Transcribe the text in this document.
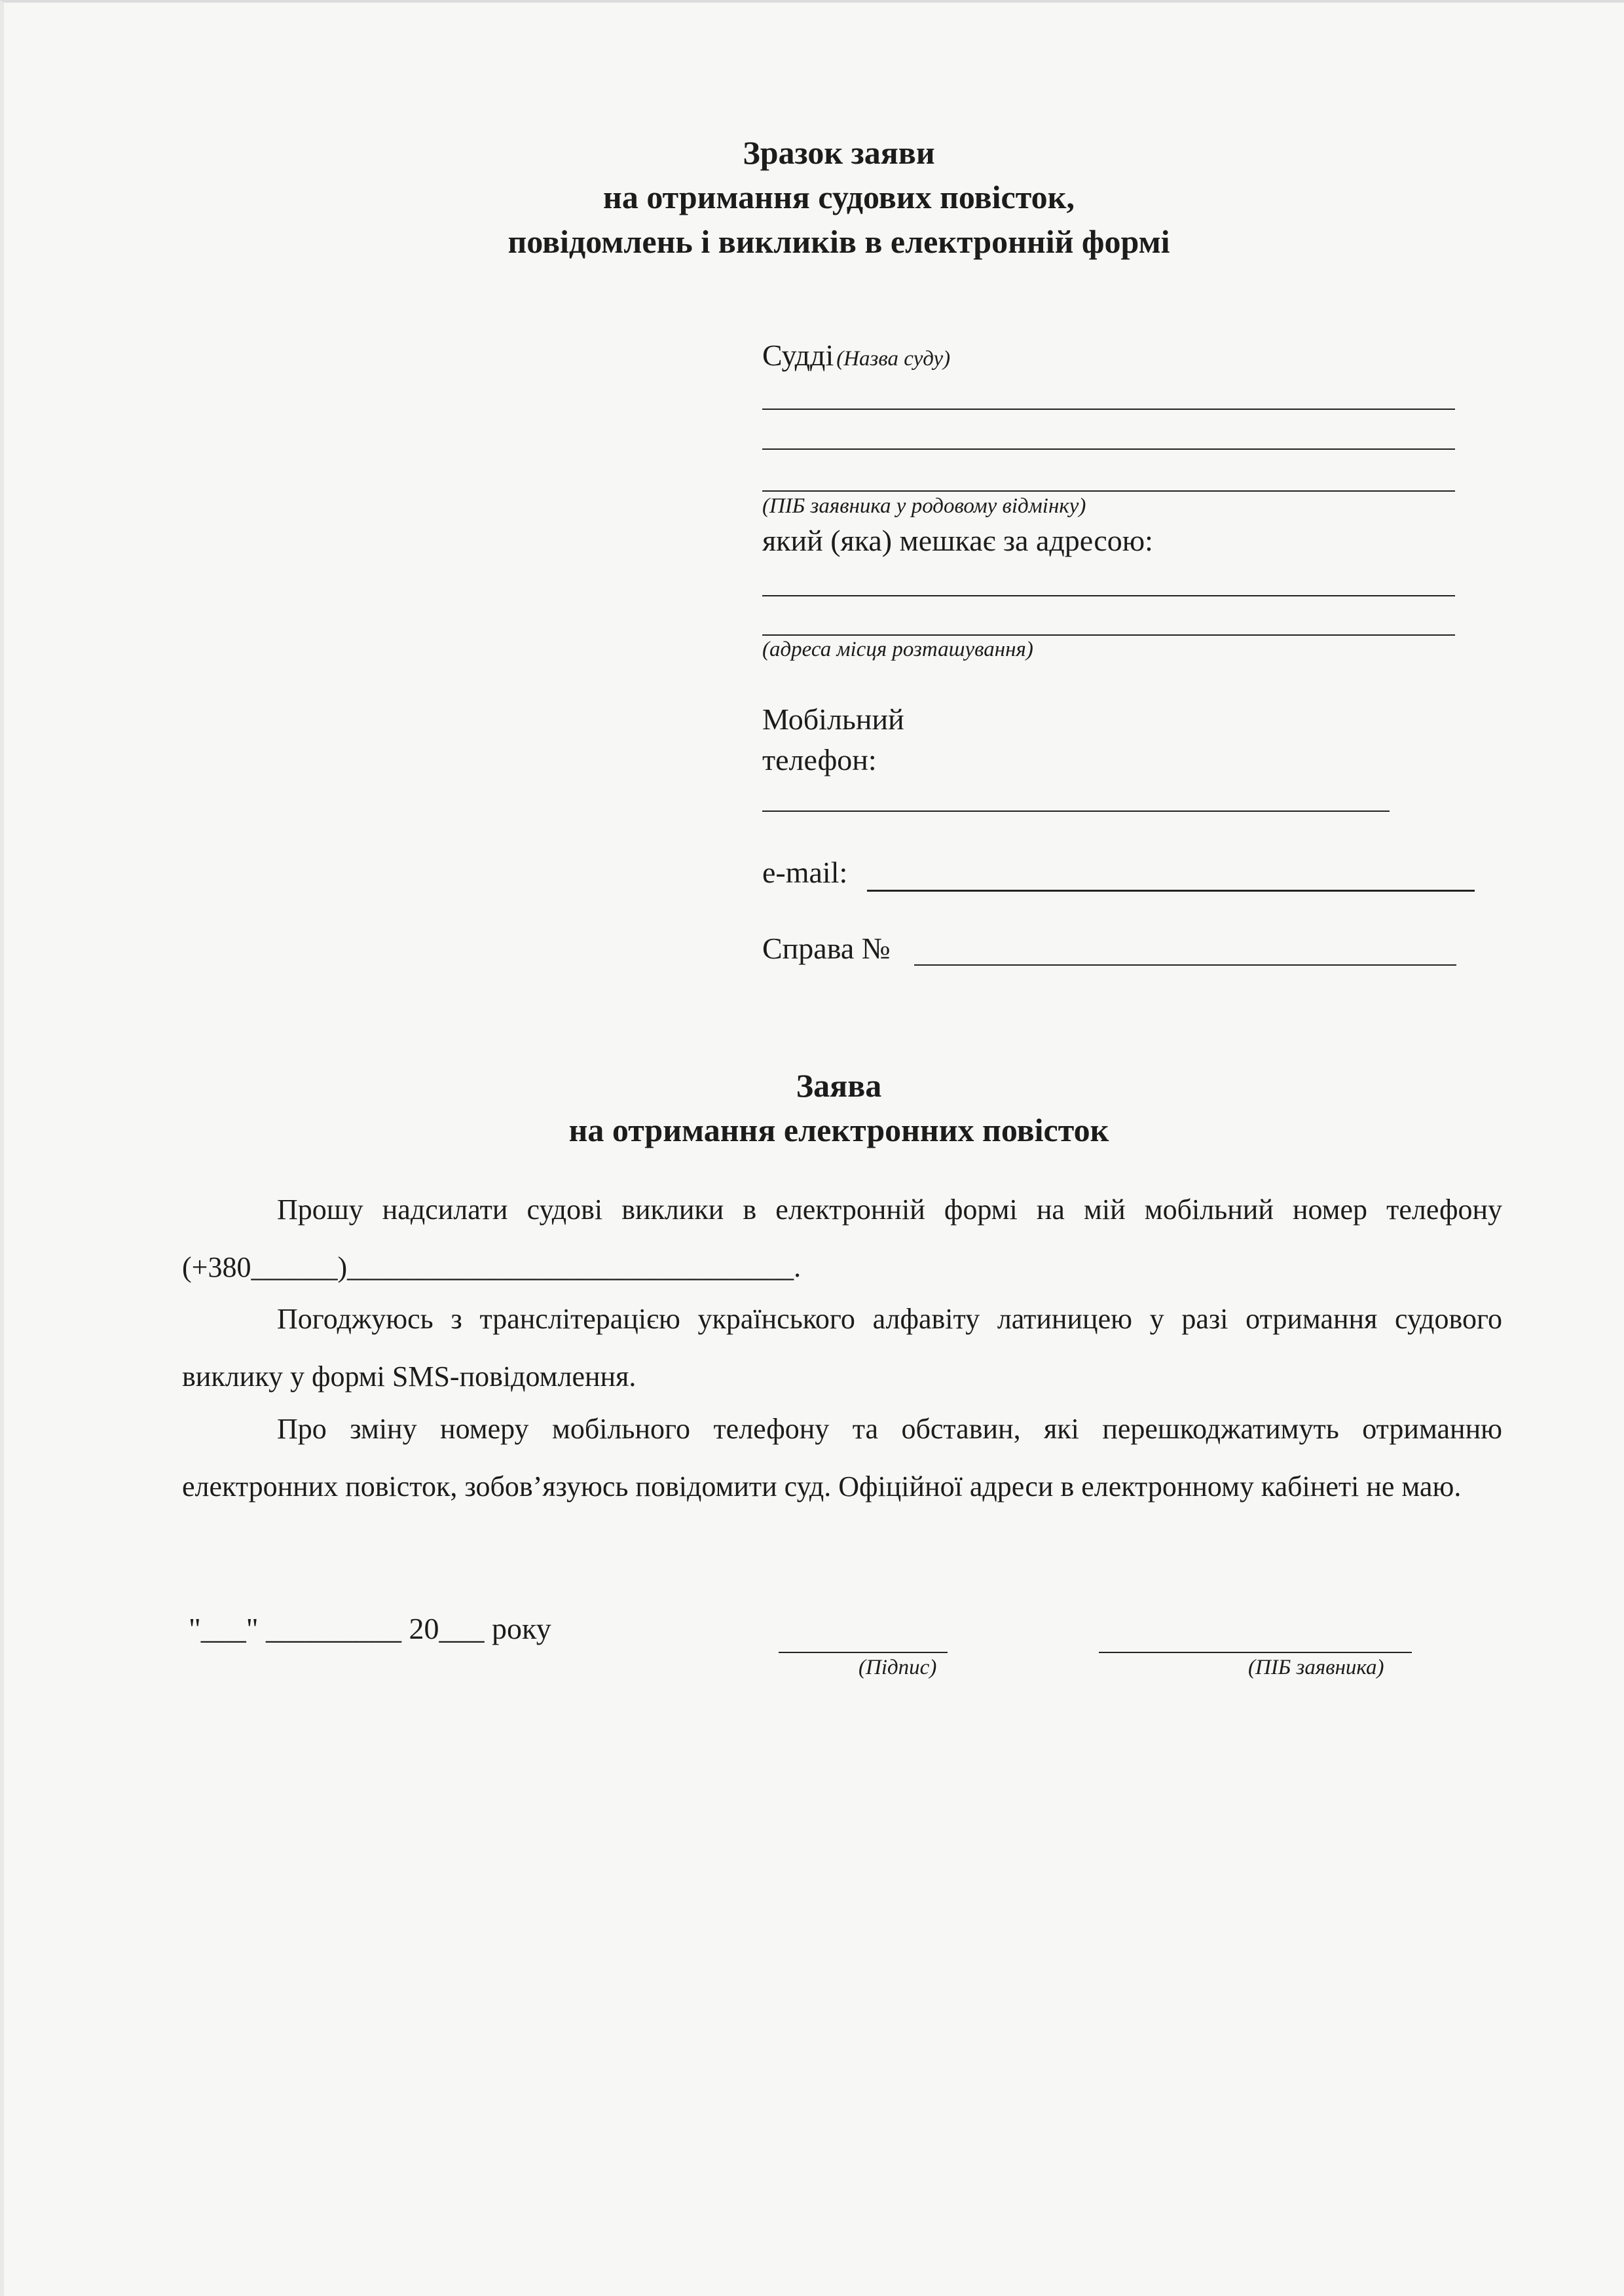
Зразок заяви
на отримання судових повісток,
повідомлень і викликів в електронній формі
Судді (Назва суду)
(ПІБ заявника у родовому відмінку)
який (яка) мешкає за адресою:
(адреса місця розташування)
Мобільний
телефон:
e-mail:
Справа №
Заява
на отримання електронних повісток
Прошу надсилати судові виклики в електронній формі на мій мобільний номер телефону (+380______)_______________________________.
Погоджуюсь з транслітерацією українського алфавіту латиницею у разі отримання судового виклику у формі SMS-повідомлення.
Про зміну номеру мобільного телефону та обставин, які перешкоджатимуть отриманню електронних повісток, зобов’язуюсь повідомити суд. Офіційної адреси в електронному кабінеті не маю.
"___" _________ 20___ року
(Підпис)	(ПІБ заявника)
